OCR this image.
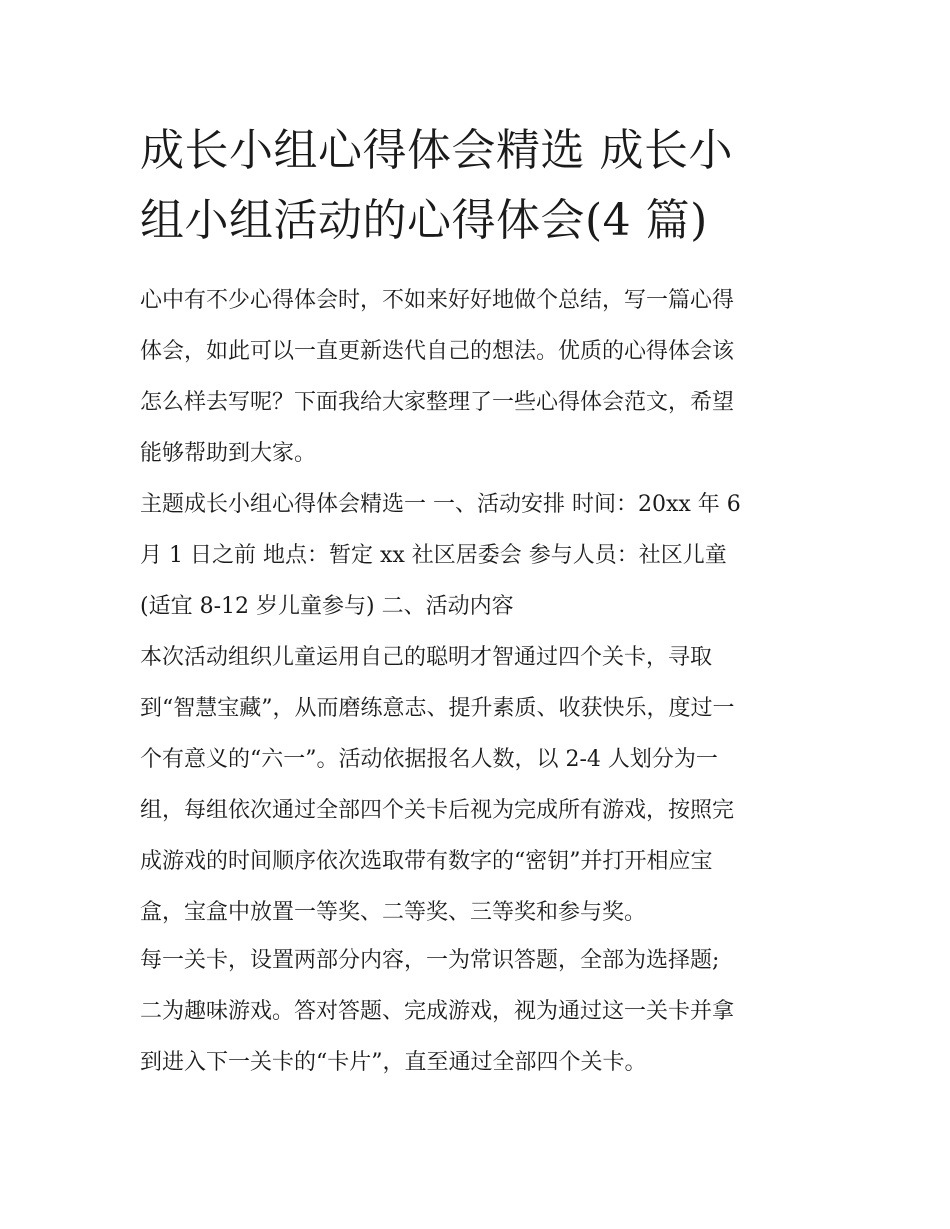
成长小组心得体会精选 成长小
组小组活动的心得体会(4 篇)
心中有不少心得体会时，不如来好好地做个总结，写一篇心得
体会，如此可以一直更新迭代自己的想法。优质的心得体会该
怎么样去写呢？下面我给大家整理了一些心得体会范文，希望
能够帮助到大家。
主题成长小组心得体会精选一 一、活动安排 时间：20xx 年 6
月 1 日之前 地点：暂定 xx 社区居委会 参与人员：社区儿童
(适宜 8-12 岁儿童参与) 二、活动内容
本次活动组织儿童运用自己的聪明才智通过四个关卡，寻取
到“智慧宝藏”，从而磨练意志、提升素质、收获快乐，度过一
个有意义的“六一”。活动依据报名人数，以 2-4 人划分为一
组，每组依次通过全部四个关卡后视为完成所有游戏，按照完
成游戏的时间顺序依次选取带有数字的“密钥”并打开相应宝
盒，宝盒中放置一等奖、二等奖、三等奖和参与奖。
每一关卡，设置两部分内容，一为常识答题，全部为选择题;
二为趣味游戏。答对答题、完成游戏，视为通过这一关卡并拿
到进入下一关卡的“卡片”，直至通过全部四个关卡。
